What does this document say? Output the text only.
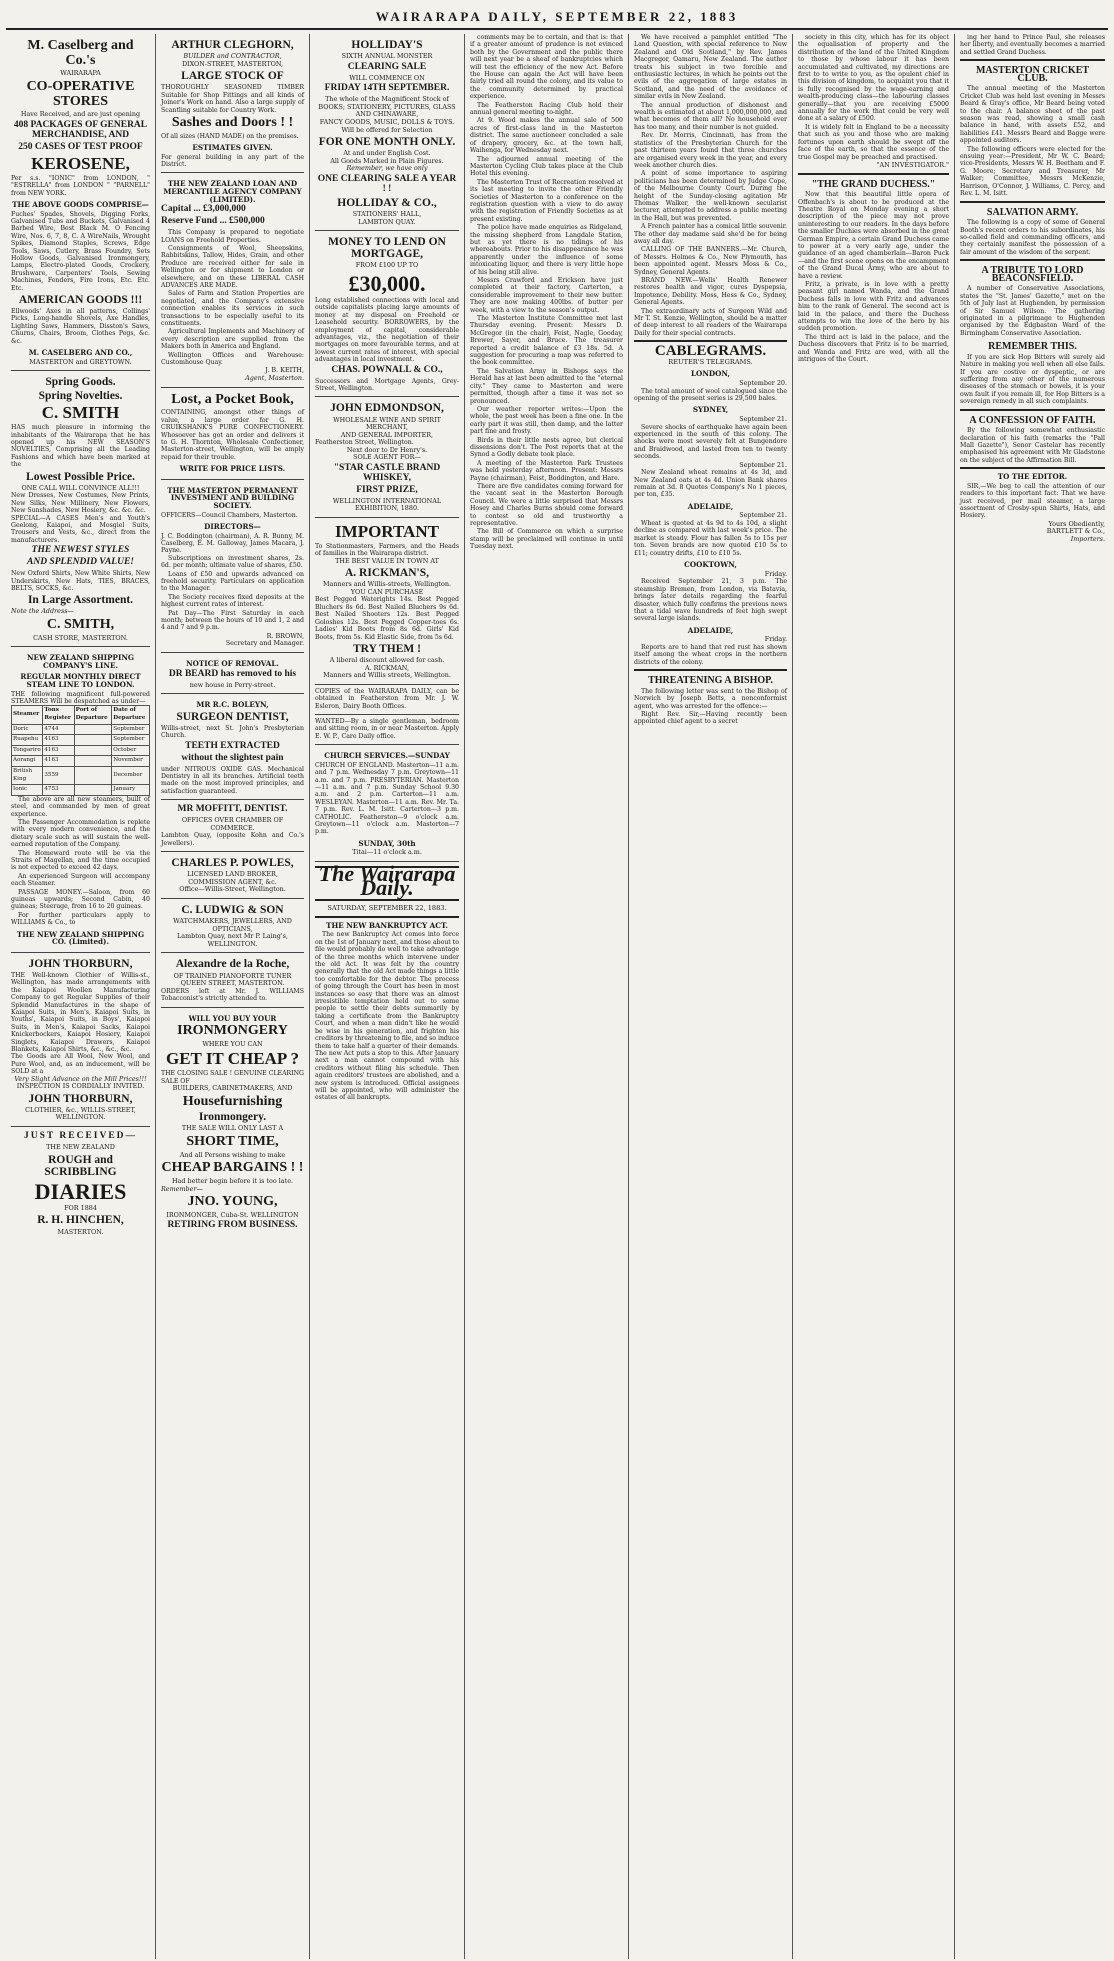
WAIRARAPA DAILY, SEPTEMBER 22, 1883
M. Caselberg and Co.'s
WAIRARAPA
CO-OPERATIVE STORES
Have Received, and are just opening
408 PACKAGES OF GENERAL MERCHANDISE, AND
250 CASES OF TEST PROOF
KEROSENE,
Per s.s. "IONIC" from LONDON, " "ESTRELLA" from LONDON " "PARNELL" from NEW YORK.
THE ABOVE GOODS COMPRISE—
Fuches' Spades, Shovels, Digging Forks, Galvanised Tubs and Buckets, Galvanised 4 Barbed Wire, Best Black M. O Fencing Wire, Nos. 6, 7, 8, C. A WireNails, Wrought Spikes, Diamond Staples, Screws, Edge Tools, Saws, Cutlery, Brass Foundry, Sets Hollow Goods, Galvanised Ironmongery, Lamps, Electro-plated Goods, Crockery, Brushware, Carpenters' Tools, Sewing Machines, Fenders, Fire Irons, Etc. Etc. Etc.
AMERICAN GOODS !!!
Ellwoods' Axes in all patterns, Collings' Picks, Long-handle Shovels, Axe Handles, Lighting Saws, Hammers, Disston's Saws, Churns, Chairs, Broom, Clothes Pegs, &c. &c.
M. CASELBERG AND CO.,
MASTERTON and GREYTOWN.
Spring Goods.
Spring Novelties.
C. SMITH
HAS much pleasure in informing the inhabitants of the Wairarapa that he has opened up his NEW SEASON'S NOVELTIES, Comprising all the Leading Fashions and which have been marked at the
Lowest Possible Price.
ONE CALL WILL CONVINCE ALL!!!
New Dresses, New Costumes, New Prints, New Silks, New Millinery, New Flowers, New Sunshades, New Hosiery, &c. &c. &c.
SPECIAL—A CASES Men's and Youth's Geelong, Kaiapoi, and Mosgiel Suits, Trousers and Vests, &c., direct from the manufacturers.
THE NEWEST STYLES
AND SPLENDID VALUE!
New Oxford Shirts, New White Shirts, New Underskirts, New Hats, TIES, BRACES, BELTS, SOCKS, &c.
In Large Assortment.
Note the Address—
C. SMITH,
CASH STORE, MASTERTON.
NEW ZEALAND SHIPPING COMPANY'S LINE.
REGULAR MONTHLY DIRECT STEAM LINE TO LONDON.
THE following magnificent full-powered STEAMERS Will be despatched as under—
Steamer	Tons Register	Port of Departure	Date of Departure
Doric	4744		September
Ruapehu	4163		September
Tongariro	4163		October
Aorangi	4163		November
British King	3559		December
Ionic	4753		January
The above are all new steamers, built of steel, and commanded by men of great experience.
The Passenger Accommodation is replete with every modern convenience, and the dietary scale such as will sustain the well-earned reputation of the Company.
The Homeward route will be via the Straits of Magellan, and the time occupied is not expected to exceed 42 days.
An experienced Surgeon will accompany each Steamer.
PASSAGE MONEY.—Saloon, from 60 guineas upwards; Second Cabin, 40 guineas; Steerage, from 16 to 20 guineas.
For further particulars apply to WILLIAMS & Co., to
THE NEW ZEALAND SHIPPING CO. (Limited).
JOHN THORBURN,
THE Well-known Clothier of Willis-st., Wellington, has made arrangements with the Kaiapoi Woollen Manufacturing Company to get Regular Supplies of their Splendid Manufactures in the shape of Kaiapoi Suits, in Men's, Kaiapoi Suits, in Youths', Kaiapoi Suits, in Boys', Kaiapoi Suits, in Men's, Kaiapoi Sacks, Kaiapoi Knickerbockers, Kaiapoi Hosiery, Kaiapoi Singlets, Kaiapoi Drawers, Kaiapoi Blankets, Kaiapoi Shirts, &c., &c., &c.
The Goods are All Wool, New Wool, and Pure Wool, and, as an inducement, will be SOLD at a
Very Slight Advance on the Mill Prices!!!
INSPECTION IS CORDIALLY INVITED.
JOHN THORBURN,
CLOTHIER, &c., WILLIS-STREET, WELLINGTON.
JUST RECEIVED—
THE NEW ZEALAND
ROUGH and SCRIBBLING
DIARIES
FOR 1884
R. H. HINCHEN,
MASTERTON.
ARTHUR CLEGHORN,
BUILDER and CONTRACTOR,
DIXON-STREET, MASTERTON,
LARGE STOCK OF
THOROUGHLY SEASONED TIMBER Suitable for Shop Fittings and all kinds of Joiner's Work on hand. Also a large supply of Scantling suitable for Country Work.
Sashes and Doors ! !
Of all sizes (HAND MADE) on the premises.
ESTIMATES GIVEN.
For general building in any part of the District.
THE NEW ZEALAND LOAN AND MERCANTILE AGENCY COMPANY (LIMITED).
Capital ... £3,000,000
Reserve Fund ... £500,000
This Company is prepared to negotiate LOANS on Freehold Properties.
Consignments of Wool, Sheepskins, Rabbitskins, Tallow, Hides, Grain, and other Produce are received either for sale in Wellington or for shipment to London or elsewhere, and on these LIBERAL CASH ADVANCES ARE MADE.
Sales of Farm and Station Properties are negotiated, and the Company's extensive connection enables its services in such transactions to be especially useful to its constituents.
Agricultural Implements and Machinery of every description are supplied from the Makers both in America and England.
Wellington Offices and Warehouse: Customhouse Quay.
J. B. KEITH,
Agent, Masterton.
Lost, a Pocket Book,
CONTAINING, amongst other things of value, a large order for G. H. CRUIKSHANK'S PURE CONFECTIONERY. Whosoever has got an order and delivers it to G. H. Thornton, Wholesale Confectioner, Masterton-street, Wellington, will be amply repaid for their trouble.
WRITE FOR PRICE LISTS.
THE MASTERTON PERMANENT INVESTMENT AND BUILDING SOCIETY.
OFFICERS—Council Chambers, Masterton.
DIRECTORS—
J. C. Boddington (chairman), A. R. Bunny, M. Caselberg, E. M. Galloway, James Macara, J. Payne.
Subscriptions on investment shares, 2s. 6d. per month; ultimate value of shares, £50.
Loans of £50 and upwards advanced on freehold security. Particulars on application to the Manager.
The Society receives fixed deposits at the highest current rates of interest.
Pat Day—The First Saturday in each month; between the hours of 10 and 1, 2 and 4 and 7 and 9 p.m.
R. BROWN,
Secretary and Manager.
NOTICE OF REMOVAL.
DR BEARD has removed to his
new house in Perry-street.
MR R.C. BOLEYN,
SURGEON DENTIST,
Willis-street, next St. John's Presbyterian Church.
TEETH EXTRACTED
without the slightest pain
under NITROUS OXIDE GAS. Mechanical Dentistry in all its branches. Artificial teeth made on the most improved principles, and satisfaction guaranteed.
MR MOFFITT, DENTIST.
OFFICES OVER CHAMBER OF COMMERCE.
Lambton Quay, (opposite Kohn and Co.'s Jewellers).
CHARLES P. POWLES,
LICENSED LAND BROKER,
COMMISSION AGENT, &c.
Office—Willis-Street, Wellington.
C. LUDWIG & SON
WATCHMAKERS, JEWELLERS, AND OPTICIANS,
Lambton Quay, next Mr P. Laing's,
WELLINGTON.
Alexandre de la Roche,
OF TRAINED PIANOFORTE TUNER
QUEEN STREET, MASTERTON.
ORDERS left at Mr. J. WILLIAMS Tobacconist's strictly attended to.
WILL YOU BUY YOUR
IRONMONGERY
WHERE YOU CAN
GET IT CHEAP ?
THE CLOSING SALE ! GENUINE CLEARING SALE OF
BUILDERS, CABINETMAKERS, AND
Housefurnishing
Ironmongery.
THE SALE WILL ONLY LAST A
SHORT TIME,
And all Persons wishing to make
CHEAP BARGAINS ! !
Had better begin before it is too late.
Remember—
JNO. YOUNG,
IRONMONGER, Cuba-St. WELLINGTON
RETIRING FROM BUSINESS.
HOLLIDAY'S
SIXTH ANNUAL MONSTER
CLEARING SALE
WILL COMMENCE ON
FRIDAY 14TH SEPTEMBER.
The whole of the Magnificent Stock of
BOOKS; STATIONERY, PICTURES, GLASS AND CHINAWARE,
FANCY GOODS, MUSIC, DOLLS & TOYS.
Will be offered for Selection
FOR ONE MONTH ONLY.
At and under English Cost.
All Goods Marked in Plain Figures.
Remember, we have only
ONE CLEARING SALE A YEAR ! !
HOLLIDAY & CO.,
STATIONERS' HALL,
LAMBTON QUAY.
MONEY TO LEND ON MORTGAGE,
FROM £100 UP TO
£30,000.
Long established connections with local and outside capitalists placing large amounts of money at my disposal on Freehold or Leasehold security. BORROWERS, by the employment of capital, considerable advantages, viz., the negotiation of their mortgages on more favourable terms, and at lowest current rates of interest, with special advantages in local investment.
CHAS. POWNALL & CO.,
Successors and Mortgage Agents, Grey-Street, Wellington.
JOHN EDMONDSON,
WHOLESALE WINE AND SPIRIT MERCHANT,
AND GENERAL IMPORTER,
Featherston Street, Wellington.
Next door to Dr Henry's.
SOLE AGENT FOR—
"STAR CASTLE BRAND WHISKEY,
FIRST PRIZE,
WELLINGTON INTERNATIONAL EXHIBITION, 1880.
IMPORTANT
To Stationmasters, Farmers, and the Heads of families in the Wairarapa district.
THE BEST VALUE IN TOWN AT
A. RICKMAN'S,
Manners and Willis-streets, Wellington.
YOU CAN PURCHASE
Best Pegged Waterights 14s. Best Pegged Bluchers 8s 6d. Best Nailed Bluchers 9s 6d. Best Nailed Shooters 12s. Best Pegged Goloshes 12s. Best Pegged Copper-toes 6s. Ladies' Kid Boots from 8s 6d. Girls' Kid Boots, from 5s. Kid Elastic Side, from 5s 6d.
TRY THEM !
A liberal discount allowed for cash.
A. RICKMAN,
Manners and Willis streets, Wellington.
COPIES of the WAIRARAPA DAILY, can be obtained in Featherston from Mr. J. W. Esleron, Dairy Booth Offices.
WANTED—By a single gentleman, bedroom and sitting room, in or near Masterton. Apply E. W. P., Care Daily office.
CHURCH SERVICES.—SUNDAY
CHURCH OF ENGLAND. Masterton—11 a.m. and 7 p.m. Wednesday 7 p.m. Greytown—11 a.m. and 7 p.m. PRESBYTERIAN. Masterton—11 a.m. and 7 p.m. Sunday School 9.30 a.m. and 2 p.m. Carterton—11 a.m. WESLEYAN. Masterton—11 a.m. Rev. Mr. Ta. 7 p.m. Rev. L. M. Isitt. Carterton—3 p.m. CATHOLIC. Featherston—9 o'clock a.m. Greytown—11 o'clock a.m. Masterton—7 p.m.
SUNDAY, 30th
Titai—11 o'clock a.m.
The Wairarapa Daily.
SATURDAY, SEPTEMBER 22, 1883.
THE NEW BANKRUPTCY ACT.
The new Bankruptcy Act comes into force on the 1st of January next, and those about to file would probably do well to take advantage of the three months which intervene under the old Act. It was felt by the country generally that the old Act made things a little too comfortable for the debtor. The process of going through the Court has been in most instances so easy that there was an almost irresistible temptation held out to some people to settle their debts summarily by taking a certificate from the Bankruptcy Court, and when a man didn't like he would be wise in his generation, and frighten his creditors by threatening to file, and so induce them to take half a quarter of their demands. The new Act puts a stop to this. After January next a man cannot compound with his creditors without filing his schedule. Then again creditors' trustees are abolished, and a new system is introduced. Official assignees will be appointed, who will administer the estates of all bankrupts.
comments may be to certain, and that is: that if a greater amount of prudence is not evinced both by the Government and the public there will next year be a sheaf of bankruptcies which will test the efficiency of the new Act. Before the House can again the Act will have been fairly tried all round the colony, and its value to the community determined by practical experience.
The Featherston Racing Club hold their annual general meeting to-night.
At 9. Wood makes the annual sale of 500 acres of first-class land in the Masterton district. The same auctioneer concluded a sale of drapery, grocery, &c. at the town hall, Waihenga, for Wednesday next.
The adjourned annual meeting of the Masterton Cycling Club takes place at the Club Hotel this evening.
The Masterton Trust of Recreation resolved at its last meeting to invite the other Friendly Societies of Masterton to a conference on the registration question with a view to do away with the registration of Friendly Societies as at present existing.
The police have made enquiries as Ridgeland, the missing shepherd from Langdale Station, but as yet there is no tidings of his whereabouts. Prior to his disappearance he was apparently under the influence of some intoxicating liquor, and there is very little hope of his being still alive.
Messrs Crawford and Erickson have just completed at their factory, Carterton, a considerable improvement to their new butter. They are now making 400lbs. of butter per week, with a view to the season's output.
The Masterton Institute Committee met last Thursday evening. Present: Messrs D. McGregor (in the chair), Feist, Nagle, Gooday, Brewer, Sayer, and Bruce. The treasurer reported a credit balance of £3 18s. 5d. A suggestion for procuring a map was referred to the book committee.
The Salvation Army in Bishops says the Herald has at last been admitted to the "eternal city." They came to Masterton and were permitted, though after a time it was not so pronounced.
Our weather reporter writes:—Upon the whole, the past week has been a fine one. In the early part it was still, then damp, and the latter part fine and frosty.
Birds in their little nests agree, but clerical dissensions don't. The Post reports that at the Synod a Godly debate took place.
A meeting of the Masterton Park Trustees was held yesterday afternoon. Present: Messrs Payne (chairman), Feist, Boddington, and Hare.
There are five candidates coming forward for the vacant seat in the Masterton Borough Council. We were a little surprised that Messrs Hosey and Charles Burns should come forward to contest so old and trustworthy a representative.
The Bill of Commerce on which a surprise stamp will be proclaimed will continue in until Tuesday next.
We have received a pamphlet entitled "The Land Question, with special reference to New Zealand and Old Scotland," by Rev. James Macgregor, Oamaru, New Zealand. The author treats his subject in two forcible and enthusiastic lectures, in which he points out the evils of the aggregation of large estates in Scotland, and the need of the avoidance of similar evils in New Zealand.
The annual production of dishonest and wealth is estimated at about 1,000,000,000, and what becomes of them all? No household ever has too many, and their number is not guided.
Rev. Dr. Morris, Cincinnati, has from the statistics of the Presbyterian Church for the past thirteen years found that three churches are organised every week in the year, and every week another church dies.
A point of some importance to aspiring politicians has been determined by Judge Cope, of the Melbourne County Court. During the height of the Sunday-closing agitation Mr Thomas Walker, the well-known secularist lecturer, attempted to address a public meeting in the Hall, but was prevented.
A French painter has a comical little souvenir. The other day madame said she'd be for being away all day.
CALLING OF THE BANNERS.—Mr. Church, of Messrs. Holmes & Co., New Plymouth, has been appointed agent. Messrs Moss & Co., Sydney, General Agents.
BRAND NEW.—Wells' Health Renewer restores health and vigor, cures Dyspepsia, Impotence, Debility. Moss, Hess & Co., Sydney, General Agents.
The extraordinary acts of Surgeon Wild and Mr T. St. Kenzie, Wellington, should be a matter of deep interest to all readers of the Wairarapa Daily for their special contracts.
CABLEGRAMS.
REUTER'S TELEGRAMS.
LONDON,
September 20.
The total amount of wool catalogued since the opening of the present series is 29,500 bales.
SYDNEY,
September 21.
Severe shocks of earthquake have again been experienced in the south of this colony. The shocks were most severely felt at Bungendore and Braidwood, and lasted from ten to twenty seconds.
September 21.
New Zealand wheat remains at 4s 3d, and New Zealand oats at 4s 4d. Union Bank shares remain at 3d. 8 Quotes Company's No 1 pieces, per ton, £35.
ADELAIDE,
September 21.
Wheat is quoted at 4s 9d to 4s 10d, a slight decline as compared with last week's price. The market is steady. Flour has fallen 5s to 15s per ton. Seven brands are now quoted £10 5s to £11; country drifts, £10 to £10 5s.
COOKTOWN,
Friday.
Received September 21, 3 p.m. The steamship Bremen, from London, via Batavia, brings later details regarding the fearful disaster, which fully confirms the previous news that a tidal wave hundreds of feet high swept several large islands.
ADELAIDE,
Friday.
Reports are to hand that red rust has shown itself among the wheat crops in the northern districts of the colony.
THREATENING A BISHOP.
The following letter was sent to the Bishop of Norwich by Joseph Betts, a nonconformist agent, who was arrested for the offence:—
Right Rev. Sir,—Having recently been appointed chief agent to a secret
society in this city, which has for its object the equalisation of property and the distribution of the land of the United Kingdom to those by whose labour it has been accumulated and cultivated, my directions are first to to write to you, as the opulent chief in this division of kingdom, to acquaint you that it is fully recognised by the wage-earning and wealth-producing class—the labouring classes generally—that you are receiving £5000 annually for the work that could be very well done at a salary of £500.
It is widely felt in England to be a necessity that such as you and those who are making fortunes upon earth should be swept off the face of the earth, so that the essence of the true Gospel may be preached and practised.
"AN INVESTIGATOR."
"THE GRAND DUCHESS."
Now that this beautiful little opera of Offenbach's is about to be produced at the Theatre Royal on Monday evening a short description of the piece may not prove uninteresting to our readers. In the days before the smaller Duchies were absorbed in the great German Empire, a certain Grand Duchess came to power at a very early age, under the guidance of an aged chamberlain—Baron Puck—and the first scene opens on the encampment of the Grand Ducal Army, who are about to have a review.
Fritz, a private, is in love with a pretty peasant girl named Wanda, and the Grand Duchess falls in love with Fritz and advances him to the rank of General. The second act is laid in the palace, and there the Duchess attempts to win the love of the hero by his sudden promotion.
The third act is laid in the palace, and the Duchess discovers that Fritz is to be married, and Wanda and Fritz are wed, with all the intrigues of the Court.
ing her hand to Prince Paul, she releases her liberty, and eventually becomes a married and settled Grand Duchess.
MASTERTON CRICKET CLUB.
The annual meeting of the Masterton Cricket Club was held last evening in Messrs Beard & Gray's office, Mr Beard being voted to the chair. A balance sheet of the past season was read, showing a small cash balance in hand, with assets £52, and liabilities £41. Messrs Beard and Bagge were appointed auditors.
The following officers were elected for the ensuing year:—President, Mr W. C. Beard; vice-Presidents, Messrs W. H. Beetham and F. G. Moore; Secretary and Treasurer, Mr Walker; Committee, Messrs McKenzie, Harrison, O'Connor, J. Williams, C. Percy, and Rev. L. M. Isitt.
SALVATION ARMY.
The following is a copy of some of General Booth's recent orders to his subordinates, his so-called field and commanding officers, and they certainly manifest the possession of a fair amount of the wisdom of the serpent.
A TRIBUTE TO LORD BEACONSFIELD.
A number of Conservative Associations, states the "St. James' Gazette," met on the 5th of July last at Hughenden, by permission of Sir Samuel Wilson. The gathering originated in a pilgrimage to Hughenden organised by the Edgbaston Ward of the Birmingham Conservative Association.
REMEMBER THIS.
If you are sick Hop Bitters will surely aid Nature in making you well when all else fails. If you are costive or dyspeptic, or are suffering from any other of the numerous diseases of the stomach or bowels, it is your own fault if you remain ill, for Hop Bitters is a sovereign remedy in all such complaints.
A CONFESSION OF FAITH.
By the following somewhat enthusiastic declaration of his faith (remarks the "Pall Mall Gazette"), Senor Castelar has recently emphasised his agreement with Mr Gladstone on the subject of the Affirmation Bill.
TO THE EDITOR.
SIR,—We beg to call the attention of our readers to this important fact: That we have just received, per mail steamer, a large assortment of Crosby-spun Shirts, Hats, and Hosiery.
Yours Obediently,
BARTLETT & Co.,
Importers.
